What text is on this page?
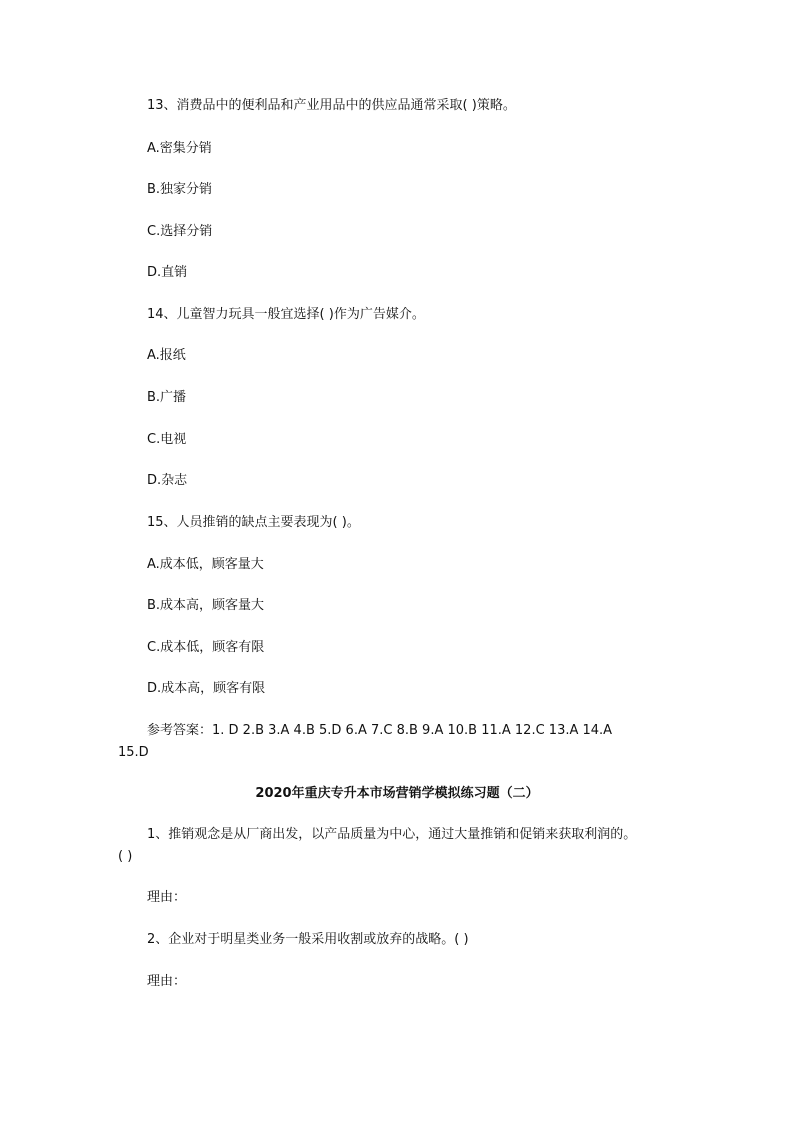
13、消费品中的便利品和产业用品中的供应品通常采取( )策略。
A.密集分销
B.独家分销
C.选择分销
D.直销
14、儿童智力玩具一般宜选择( )作为广告媒介。
A.报纸
B.广播
C.电视
D.杂志
15、人员推销的缺点主要表现为( )。
A.成本低，顾客量大
B.成本高，顾客量大
C.成本低，顾客有限
D.成本高，顾客有限
参考答案：1. D 2.B 3.A 4.B 5.D 6.A 7.C 8.B 9.A 10.B 11.A 12.C 13.A 14.A
15.D
2020年重庆专升本市场营销学模拟练习题（二）
1、推销观念是从厂商出发，以产品质量为中心，通过大量推销和促销来获取利润的。
( )
理由：
2、企业对于明星类业务一般采用收割或放弃的战略。( )
理由：
